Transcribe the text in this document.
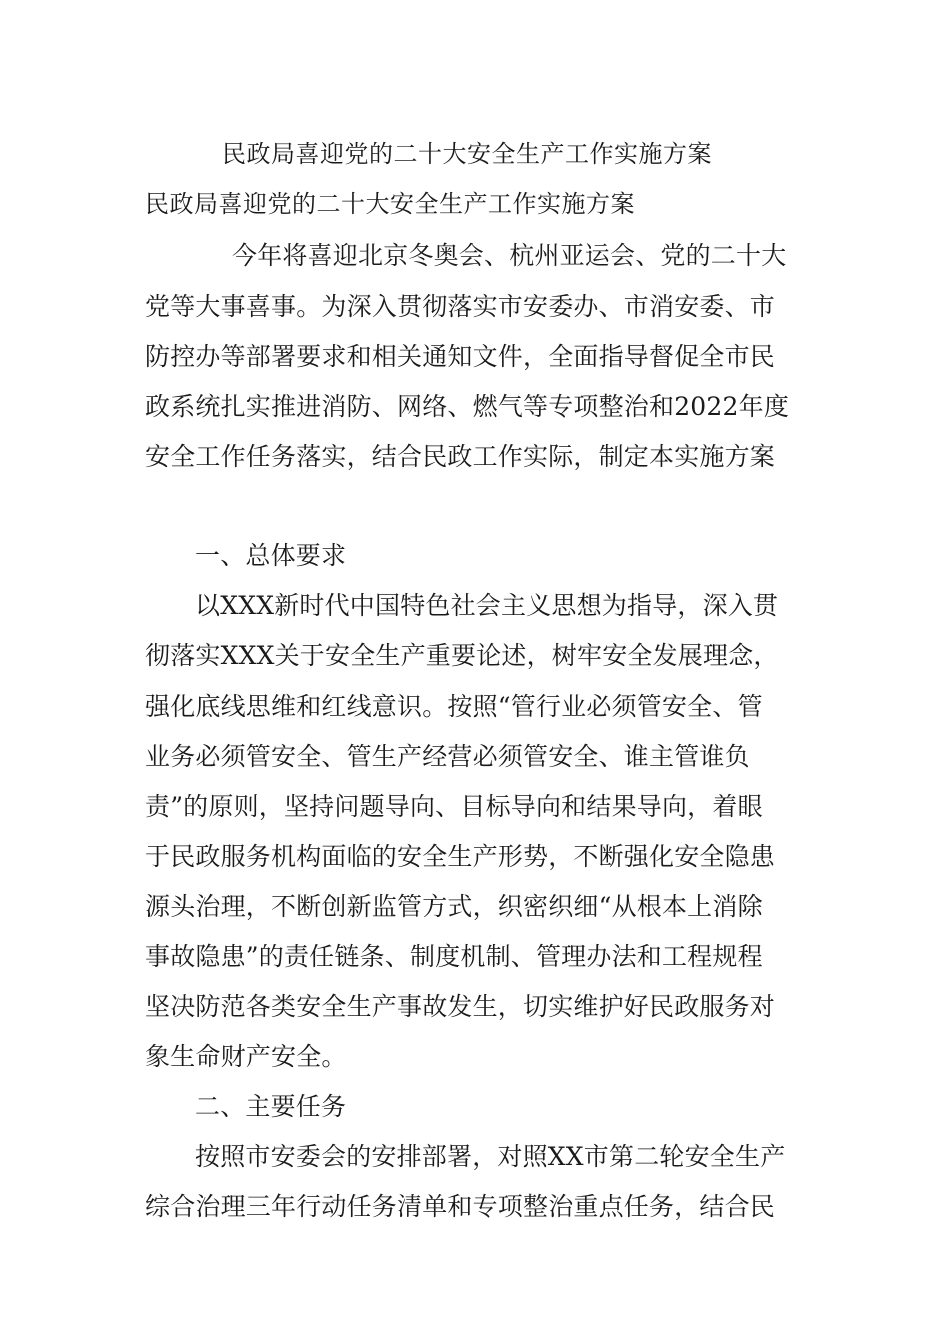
民政局喜迎党的二十大安全生产工作实施方案
民政局喜迎党的二十大安全生产工作实施方案
今年将喜迎北京冬奥会、杭州亚运会、党的二十大
党等大事喜事。为深入贯彻落实市安委办、市消安委、市
防控办等部署要求和相关通知文件，全面指导督促全市民
政系统扎实推进消防、网络、燃气等专项整治和2022年度
安全工作任务落实，结合民政工作实际，制定本实施方案
一、总体要求
以XXX新时代中国特色社会主义思想为指导，深入贯
彻落实XXX关于安全生产重要论述，树牢安全发展理念，
强化底线思维和红线意识。按照“管行业必须管安全、管
业务必须管安全、管生产经营必须管安全、谁主管谁负
责”的原则，坚持问题导向、目标导向和结果导向，着眼
于民政服务机构面临的安全生产形势，不断强化安全隐患
源头治理，不断创新监管方式，织密织细“从根本上消除
事故隐患”的责任链条、制度机制、管理办法和工程规程
坚决防范各类安全生产事故发生，切实维护好民政服务对
象生命财产安全。
二、主要任务
按照市安委会的安排部署，对照XX市第二轮安全生产
综合治理三年行动任务清单和专项整治重点任务，结合民
